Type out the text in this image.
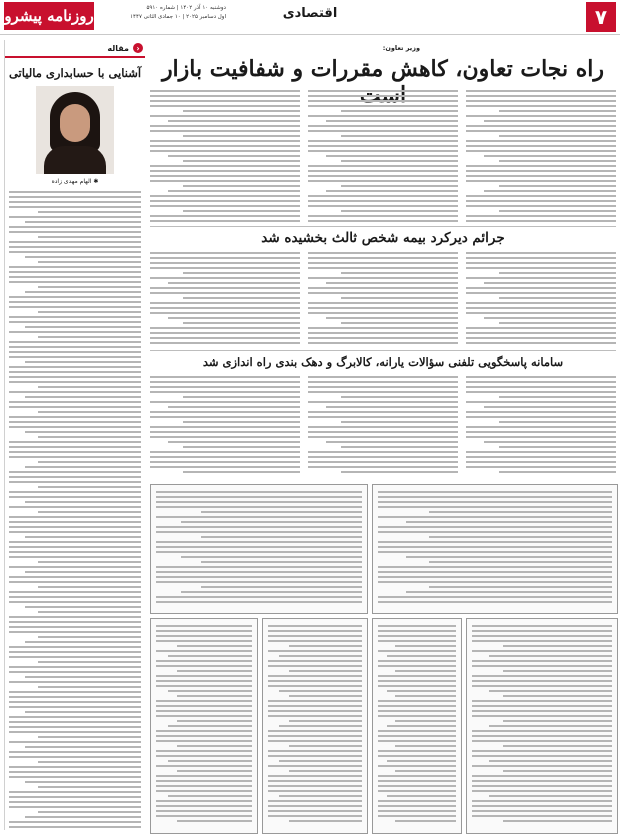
۷
اقتصادی
دوشنبه ۱۰ آذر ۱۴۰۲ | شماره ۵۹۱۰
اول دسامبر ۲۰۲۵ | ۱۰ جمادی الثانی ۱۴۴۷
روزنامه پیشرو
‹
مقاله
آشنایی با حسابداری مالیاتی
✱ الهام مهدی زاده
وزیر تعاون:
راه نجات تعاون، کاهش مقررات و شفافیت بازار
جرائم دیرکرد بیمه شخص ثالث بخشیده شد
سامانه پاسخگویی تلفنی سؤالات یارانه، کالابرگ و دهک بندی راه اندازی شد
